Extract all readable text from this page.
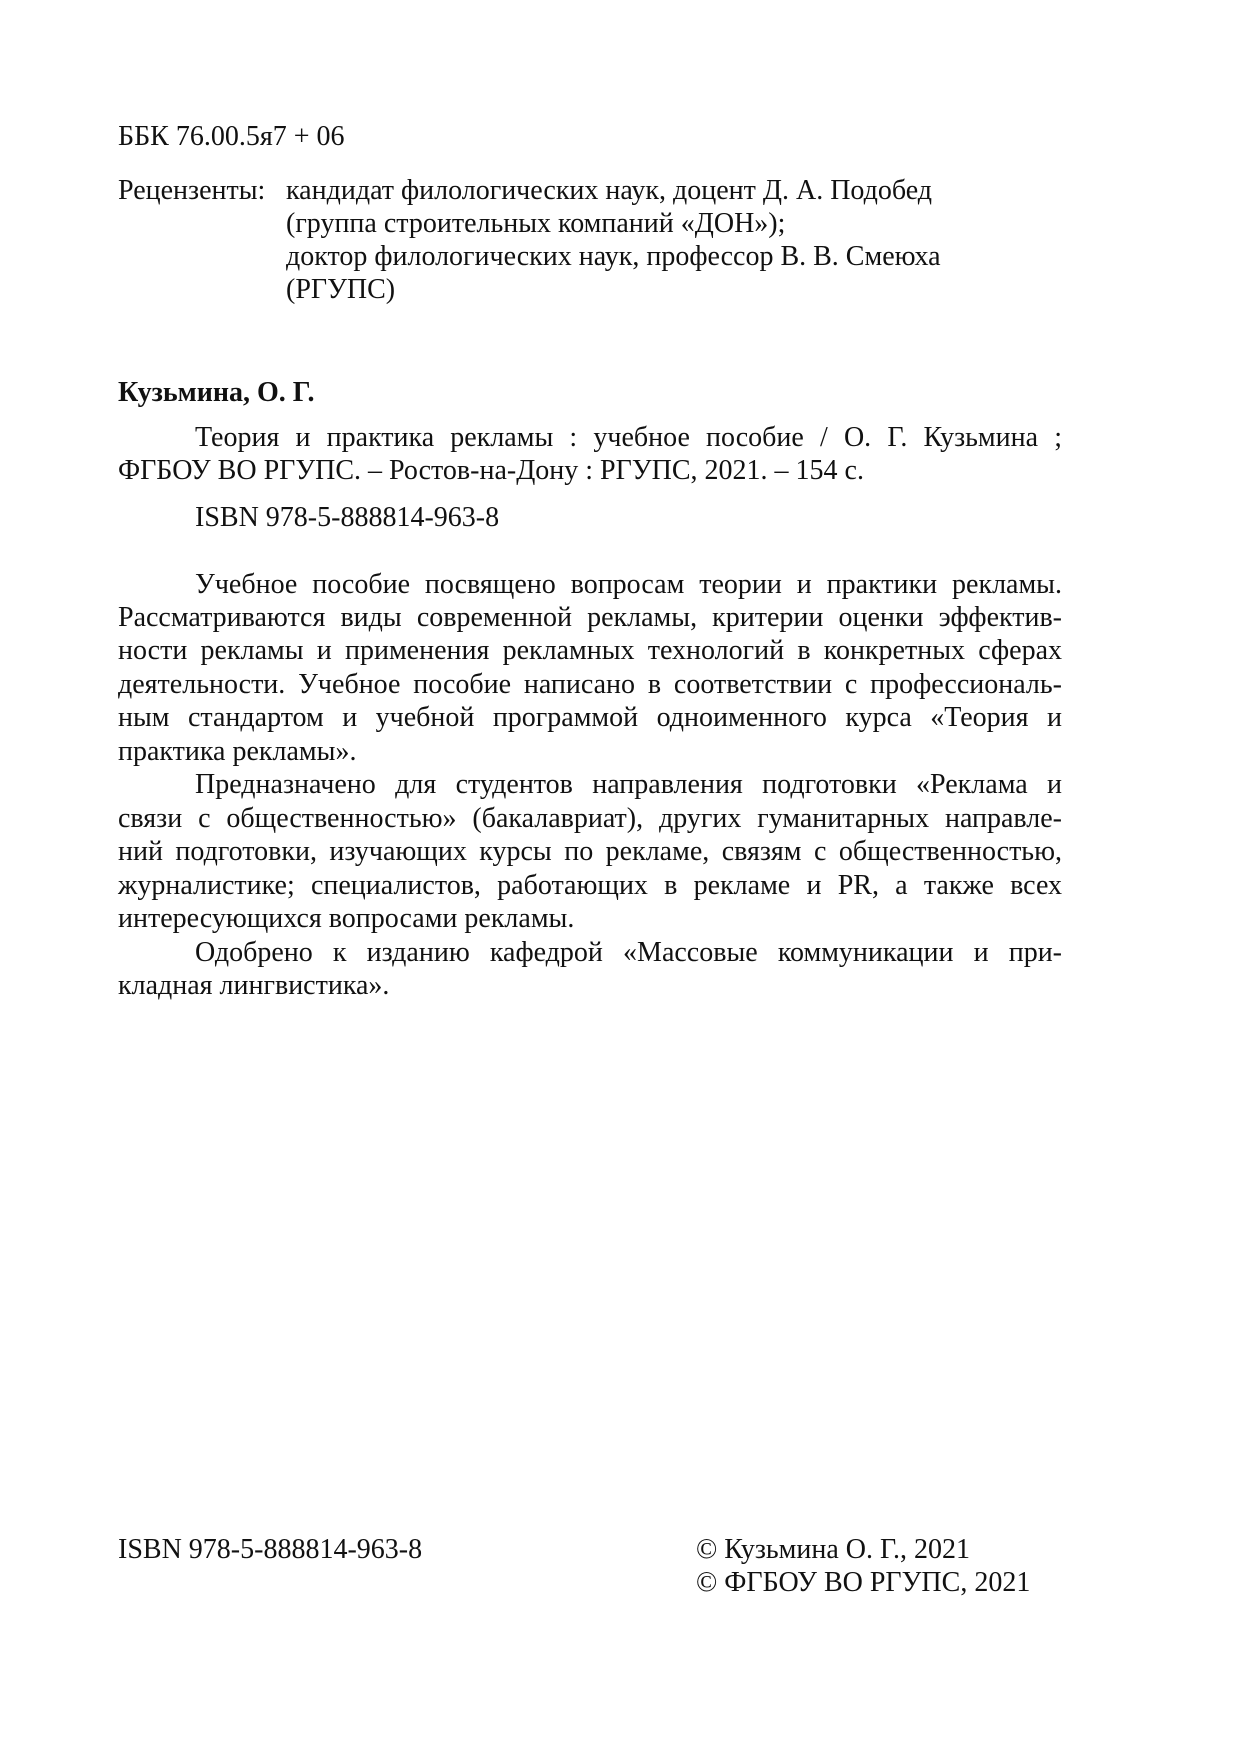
ББК 76.00.5я7 + 06
Рецензенты: кандидат филологических наук, доцент Д. А. Подобед
(группа строительных компаний «ДОН»);
доктор филологических наук, профессор В. В. Смеюха
(РГУПС)
Кузьмина, О. Г.
Теория и практика рекламы : учебное пособие / О. Г. Кузьмина ;
ФГБОУ ВО РГУПС. – Ростов-на-Дону : РГУПС, 2021. – 154 с.
ISBN 978-5-888814-963-8
Учебное пособие посвящено вопросам теории и практики рекламы.
Рассматриваются виды современной рекламы, критерии оценки эффектив-
ности рекламы и применения рекламных технологий в конкретных сферах
деятельности. Учебное пособие написано в соответствии с профессиональ-
ным стандартом и учебной программой одноименного курса «Теория и
практика рекламы».
Предназначено для студентов направления подготовки «Реклама и
связи с общественностью» (бакалавриат), других гуманитарных направле-
ний подготовки, изучающих курсы по рекламе, связям с общественностью,
журналистике; специалистов, работающих в рекламе и PR, а также всех
интересующихся вопросами рекламы.
Одобрено к изданию кафедрой «Массовые коммуникации и при-
кладная лингвистика».
ISBN 978-5-888814-963-8	© Кузьмина О. Г., 2021
© ФГБОУ ВО РГУПС, 2021
